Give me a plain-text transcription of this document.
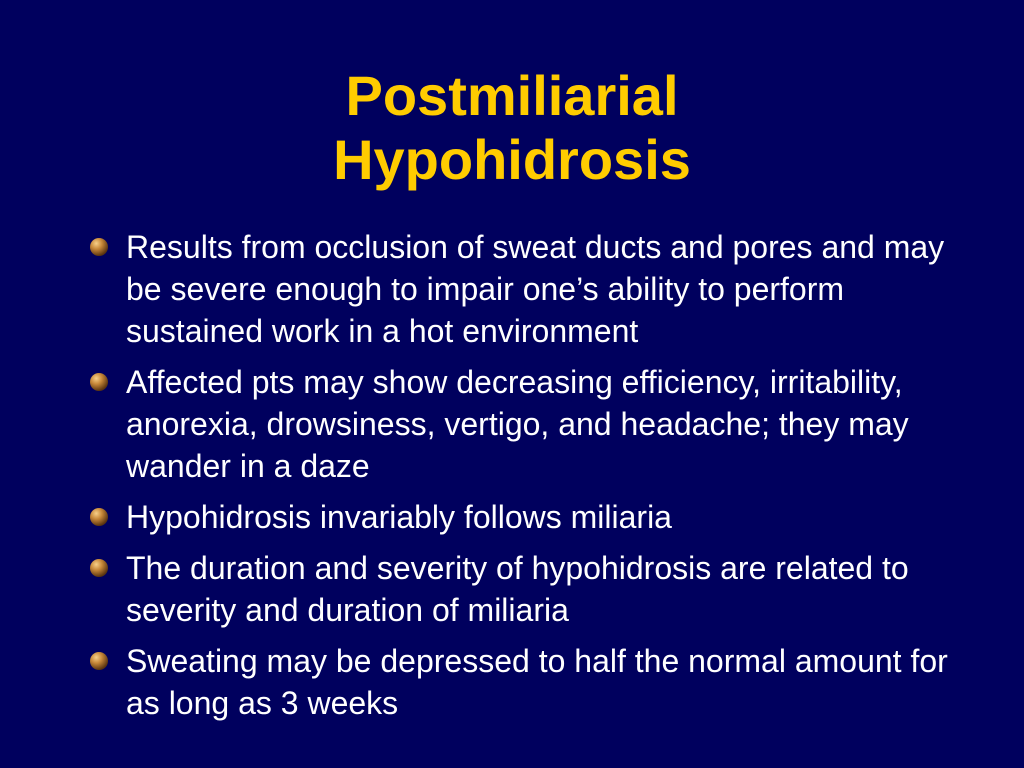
Postmiliarial
Hypohidrosis
Results from occlusion of sweat ducts and pores and may be severe enough to impair one’s ability to perform sustained work in a hot environment
Affected pts may show decreasing efficiency, irritability, anorexia, drowsiness, vertigo, and headache; they may wander in a daze
Hypohidrosis invariably follows miliaria
The duration and severity of hypohidrosis are related to severity and duration of miliaria
Sweating may be depressed to half the normal amount for as long as 3 weeks
